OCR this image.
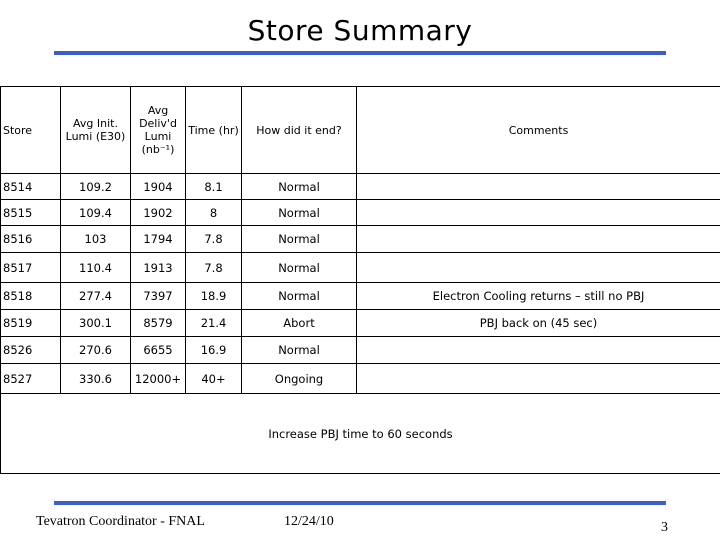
Store Summary
Store	Avg Init. Lumi (E30)	Avg Deliv'd Lumi (nb⁻¹)	Time (hr)	How did it end?	Comments
8514	109.2	1904	8.1	Normal	
8515	109.4	1902	8	Normal	
8516	103	1794	7.8	Normal	
8517	110.4	1913	7.8	Normal	
8518	277.4	7397	18.9	Normal	Electron Cooling returns – still no PBJ
8519	300.1	8579	21.4	Abort	PBJ back on (45 sec)
8526	270.6	6655	16.9	Normal	
8527	330.6	12000+	40+	Ongoing	
Increase PBJ time to 60 seconds					
Tevatron Coordinator - FNAL	12/24/10	3
